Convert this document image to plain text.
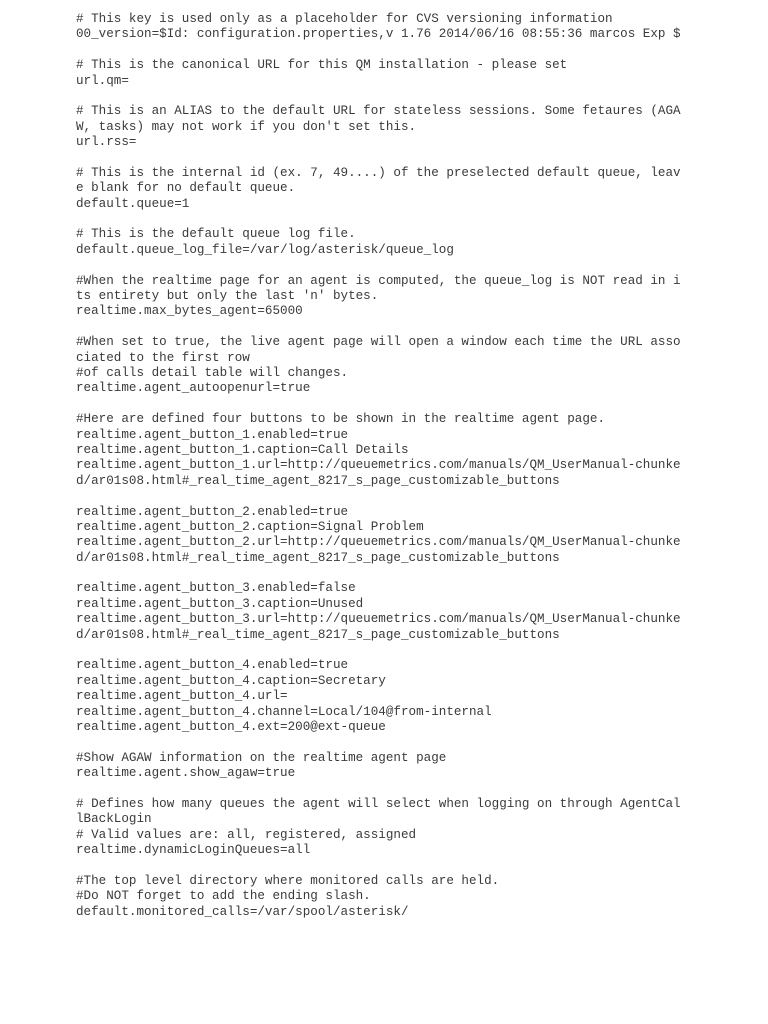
# This key is used only as a placeholder for CVS versioning information
00_version=$Id: configuration.properties,v 1.76 2014/06/16 08:55:36 marcos Exp $
# This is the canonical URL for this QM installation - please set
url.qm=
# This is an ALIAS to the default URL for stateless sessions. Some fetaures (AGA
W, tasks) may not work if you don't set this.
url.rss=
# This is the internal id (ex. 7, 49....) of the preselected default queue, leav
e blank for no default queue.
default.queue=1
# This is the default queue log file.
default.queue_log_file=/var/log/asterisk/queue_log
#When the realtime page for an agent is computed, the queue_log is NOT read in i
ts entirety but only the last 'n' bytes.
realtime.max_bytes_agent=65000
#When set to true, the live agent page will open a window each time the URL asso
ciated to the first row
#of calls detail table will changes.
realtime.agent_autoopenurl=true
#Here are defined four buttons to be shown in the realtime agent page.
realtime.agent_button_1.enabled=true
realtime.agent_button_1.caption=Call Details
realtime.agent_button_1.url=http://queuemetrics.com/manuals/QM_UserManual-chunke
d/ar01s08.html#_real_time_agent_8217_s_page_customizable_buttons
realtime.agent_button_2.enabled=true
realtime.agent_button_2.caption=Signal Problem
realtime.agent_button_2.url=http://queuemetrics.com/manuals/QM_UserManual-chunke
d/ar01s08.html#_real_time_agent_8217_s_page_customizable_buttons
realtime.agent_button_3.enabled=false
realtime.agent_button_3.caption=Unused
realtime.agent_button_3.url=http://queuemetrics.com/manuals/QM_UserManual-chunke
d/ar01s08.html#_real_time_agent_8217_s_page_customizable_buttons
realtime.agent_button_4.enabled=true
realtime.agent_button_4.caption=Secretary
realtime.agent_button_4.url=
realtime.agent_button_4.channel=Local/104@from-internal
realtime.agent_button_4.ext=200@ext-queue
#Show AGAW information on the realtime agent page
realtime.agent.show_agaw=true
# Defines how many queues the agent will select when logging on through AgentCal
lBackLogin
# Valid values are: all, registered, assigned
realtime.dynamicLoginQueues=all
#The top level directory where monitored calls are held.
#Do NOT forget to add the ending slash.
default.monitored_calls=/var/spool/asterisk/
